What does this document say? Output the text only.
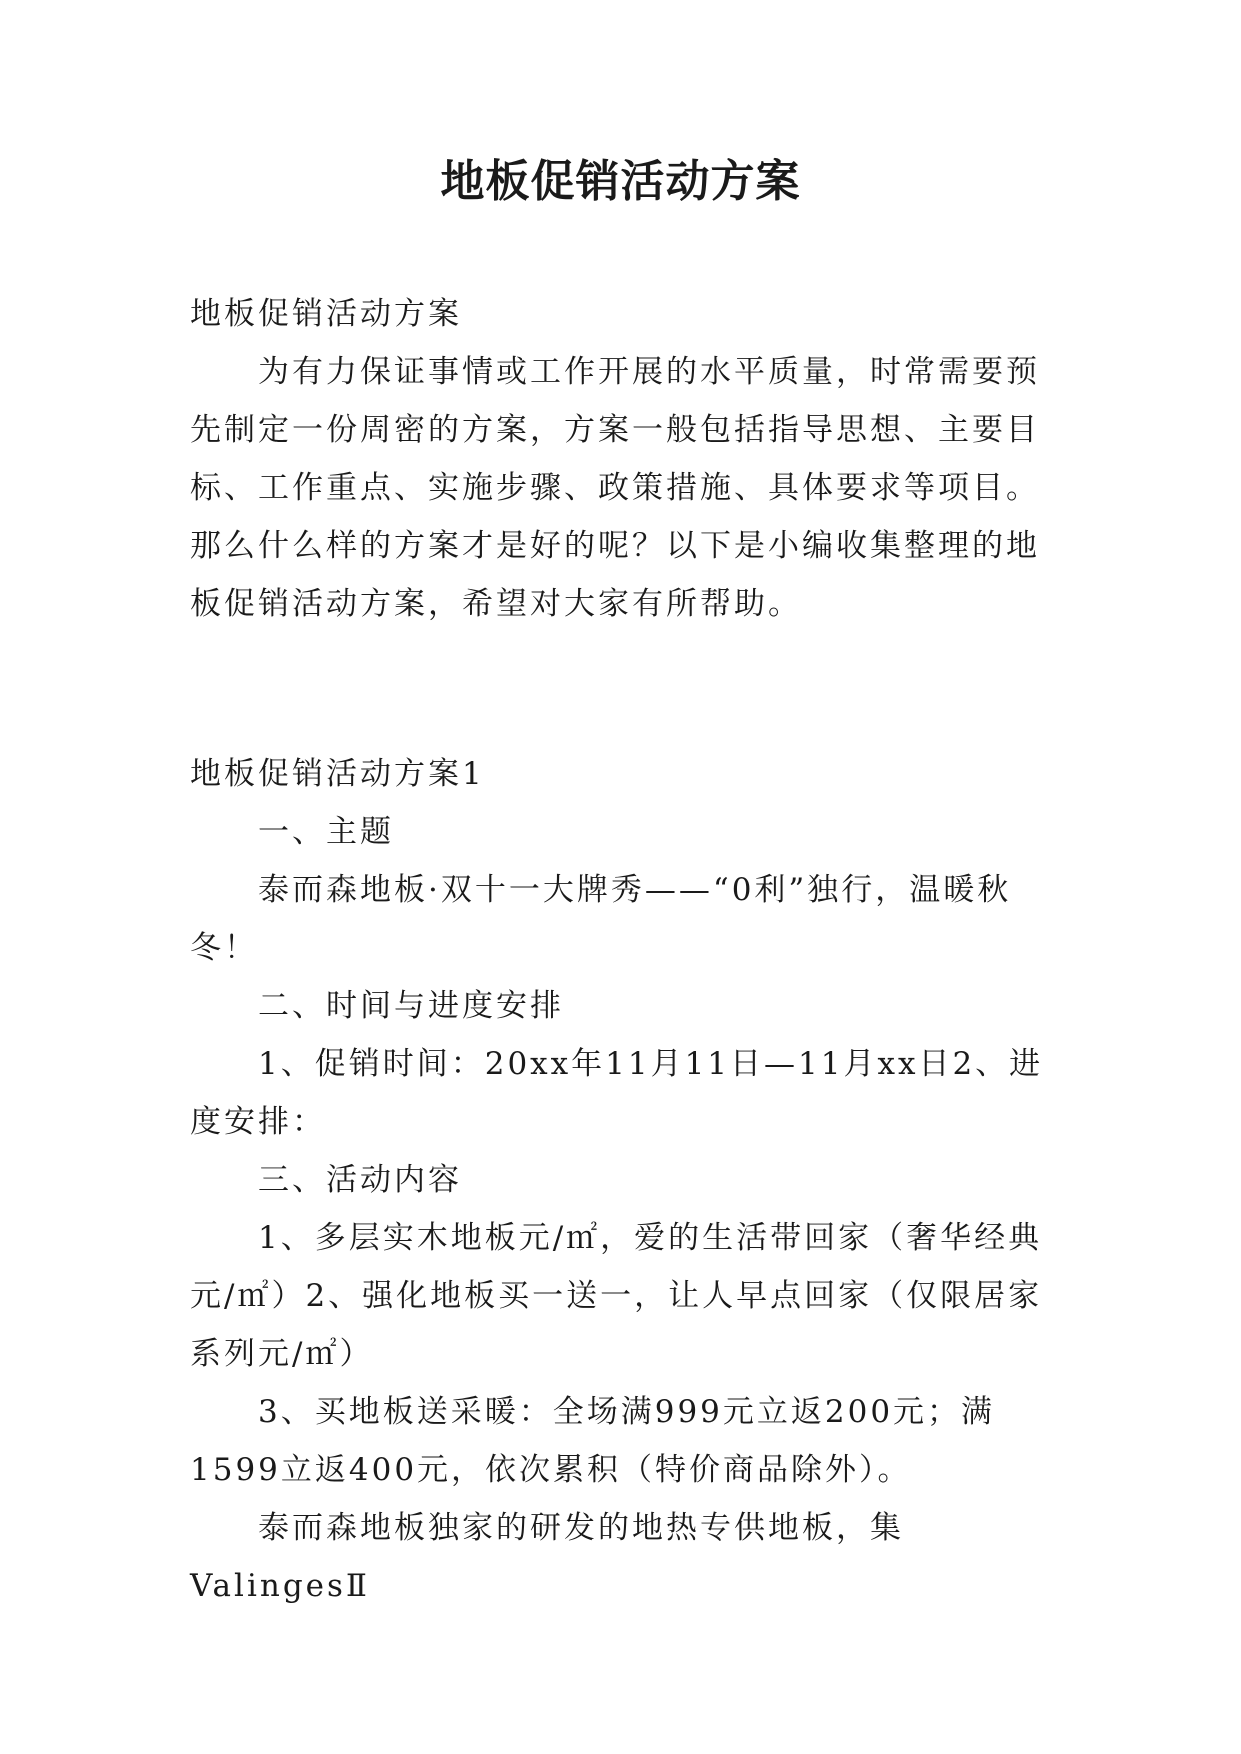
地板促销活动方案

地板促销活动方案

为有力保证事情或工作开展的水平质量，时常需要预先制定一份周密的方案，方案一般包括指导思想、主要目标、工作重点、实施步骤、政策措施、具体要求等项目。那么什么样的方案才是好的呢？以下是小编收集整理的地板促销活动方案，希望对大家有所帮助。

地板促销活动方案1

一、主题

泰而森地板·双十一大牌秀——“0利”独行，温暖秋冬！

二、时间与进度安排

1、促销时间：20xx年11月11日—11月xx日2、进度安排：

三、活动内容

1、多层实木地板元/㎡，爱的生活带回家（奢华经典元/㎡）2、强化地板买一送一，让人早点回家（仅限居家系列元/㎡）

3、买地板送采暖：全场满999元立返200元；满1599立返400元，依次累积（特价商品除外）。

泰而森地板独家的研发的地热专供地板，集ValingesⅡ
